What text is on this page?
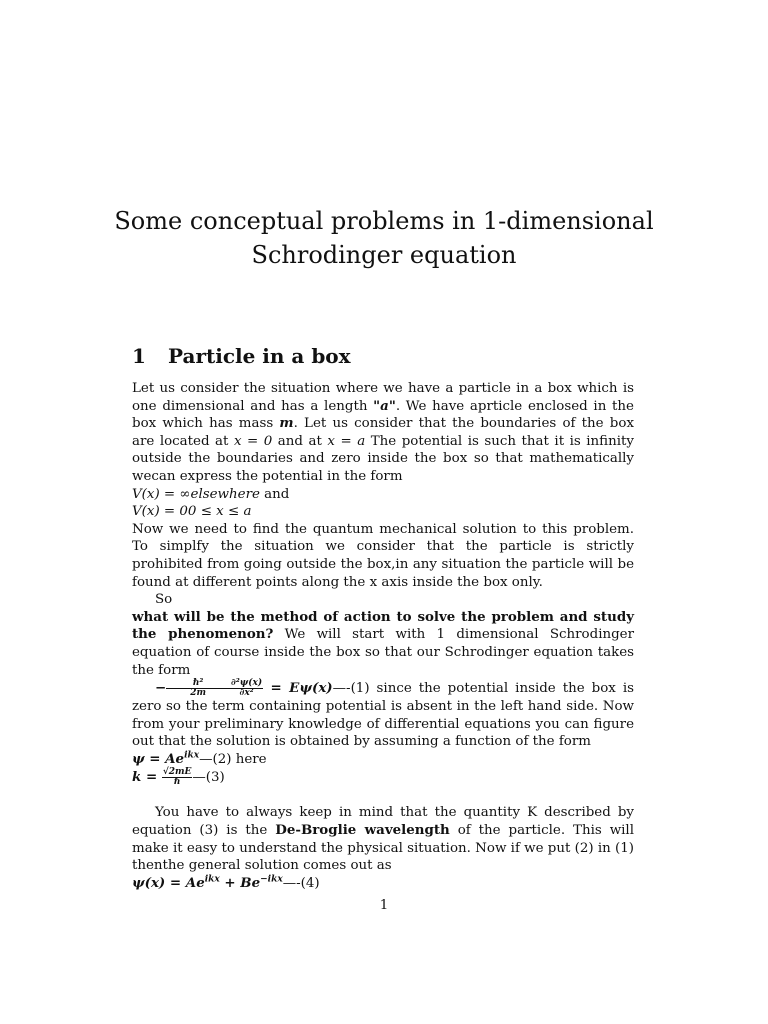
Some conceptual problems in 1-dimensional
Schrodinger equation
1 Particle in a box

Let us consider the situation where we have a particle in a box which is one dimensional and has a length "a". We have aprticle enclosed in the box which has mass m. Let us consider that the boundaries of the box are located at x = 0 and at x = a The potential is such that it is infinity outside the boundaries and zero inside the box so that mathematically wecan express the potential in the form

V(x) = ∞elsewhere and
V(x) = 00 ≤ x ≤ a

Now we need to find the quantum mechanical solution to this problem. To simplfy the situation we consider that the particle is strictly prohibited from going outside the box,in any situation the particle will be found at different points along the x axis inside the box only.

So

what will be the method of action to solve the problem and study the phenomenon? We will start with 1 dimensional Schrodinger equation of course inside the box so that our Schrodinger equation takes the form

− $\frac{\text{ℏ²}}{2m} \frac{\text{∂²ψ(x)}}{\text{∂x²}}$ = Eψ(x)—-(1) since the potential inside the box is zero so the term containing potential is absent in the left hand side. Now from your preliminary knowledge of differential equations you can figure out that the solution is obtained by assuming a function of the form

$\psi = Ae^{ikx}—(2)$ here
$k = \frac{√2mE}{\text{ℏ}}$ —(3)

You have to always keep in mind that the quantity K described by equation (3) is the De-Broglie wavelength of the particle. This will make it easy to understand the physical situation. Now if we put (2) in (1) thenthe general solution comes out as

$\psi(x) = Ae^{ikx}$ + $Be^{-ikx}—-(4)$
1
